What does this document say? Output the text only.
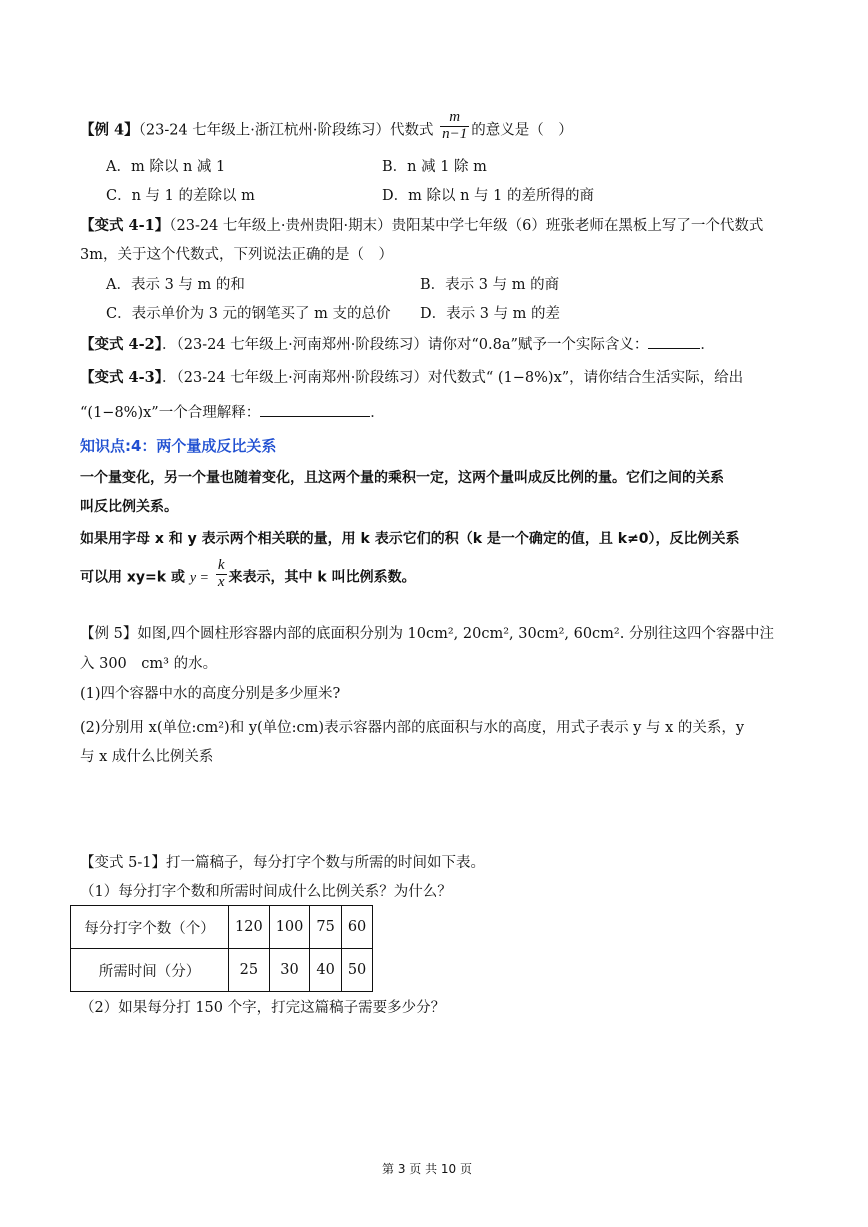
【例 4】（23-24 七年级上·浙江杭州·阶段练习）代数式 $\frac{m}{n-1}$ 的意义是（　）
A．m 除以 n 减 1	B．n 减 1 除 m
C．n 与 1 的差除以 m	D．m 除以 n 与 1 的差所得的商
【变式 4-1】（23-24 七年级上·贵州贵阳·期末）贵阳某中学七年级（6）班张老师在黑板上写了一个代数式
3m，关于这个代数式，下列说法正确的是（　）
A．表示 3 与 m 的和	B．表示 3 与 m 的商
C．表示单价为 3 元的钢笔买了 m 支的总价 D．表示 3 与 m 的差
【变式 4-2】．（23-24 七年级上·河南郑州·阶段练习）请你对“0.8a”赋予一个实际含义：	．
【变式 4-3】．（23-24 七年级上·河南郑州·阶段练习）对代数式“ (1−8%)x”，请你结合生活实际，给出
“(1−8%)x”一个合理解释：	．
知识点:4：两个量成反比关系
一个量变化，另一个量也随着变化，且这两个量的乘积一定，这两个量叫成反比例的量。它们之间的关系
叫反比例关系。
如果用字母 x 和 y 表示两个相关联的量，用 k 表示它们的积（k 是一个确定的值，且 k≠0），反比例关系
可以用 xy=k 或 $y = \frac{k}{x}$ 来表示，其中 k 叫比例系数。
【例 5】如图,四个圆柱形容器内部的底面积分别为 10cm², 20cm², 30cm², 60cm². 分别往这四个容器中注
入 300　cm³ 的水。
(1)四个容器中水的高度分别是多少厘米?
(2)分别用 x(单位:cm²)和 y(单位:cm)表示容器内部的底面积与水的高度，用式子表示 y 与 x 的关系，y
与 x 成什么比例关系
【变式 5-1】打一篇稿子，每分打字个数与所需的时间如下表。
（1）每分打字个数和所需时间成什么比例关系？为什么？
每分打字个数（个）	120	100	75	60
所需时间（分）	25	30	40	50
（2）如果每分打 150 个字，打完这篇稿子需要多少分？
第 3 页 共 10 页
